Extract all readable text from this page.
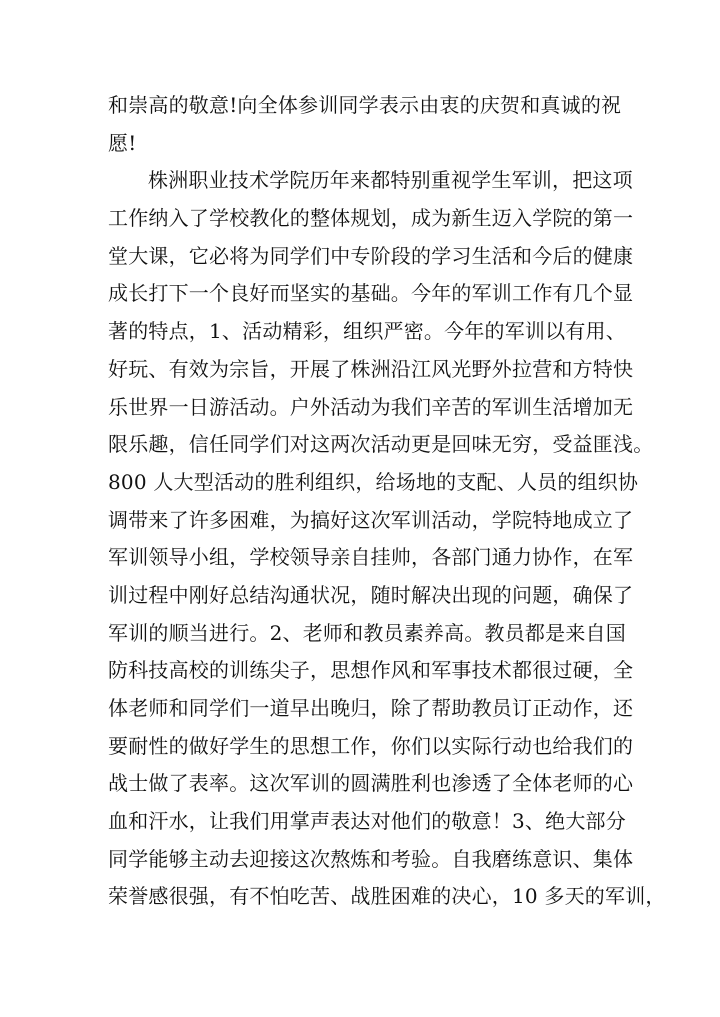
和崇高的敬意!向全体参训同学表示由衷的庆贺和真诚的祝
愿!
株洲职业技术学院历年来都特别重视学生军训，把这项
工作纳入了学校教化的整体规划，成为新生迈入学院的第一
堂大课，它必将为同学们中专阶段的学习生活和今后的健康
成长打下一个良好而坚实的基础。今年的军训工作有几个显
著的特点，1、活动精彩，组织严密。今年的军训以有用、
好玩、有效为宗旨，开展了株洲沿江风光野外拉营和方特快
乐世界一日游活动。户外活动为我们辛苦的军训生活增加无
限乐趣，信任同学们对这两次活动更是回味无穷，受益匪浅。
800 人大型活动的胜利组织，给场地的支配、人员的组织协
调带来了许多困难，为搞好这次军训活动，学院特地成立了
军训领导小组，学校领导亲自挂帅，各部门通力协作，在军
训过程中刚好总结沟通状况，随时解决出现的问题，确保了
军训的顺当进行。2、老师和教员素养高。教员都是来自国
防科技高校的训练尖子，思想作风和军事技术都很过硬，全
体老师和同学们一道早出晚归，除了帮助教员订正动作，还
要耐性的做好学生的思想工作，你们以实际行动也给我们的
战士做了表率。这次军训的圆满胜利也渗透了全体老师的心
血和汗水，让我们用掌声表达对他们的敬意！3、绝大部分
同学能够主动去迎接这次熬炼和考验。自我磨练意识、集体
荣誉感很强，有不怕吃苦、战胜困难的决心，10 多天的军训，
